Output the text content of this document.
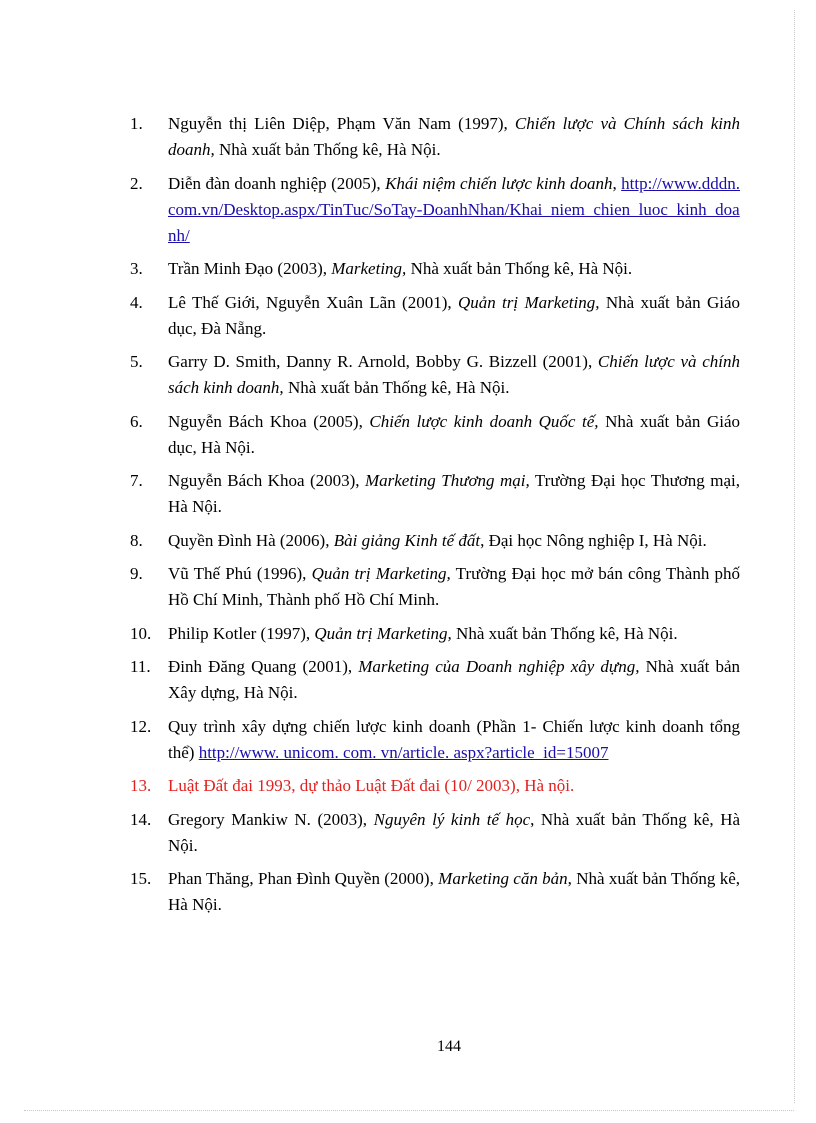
1. Nguyễn thị Liên Diệp, Phạm Văn Nam (1997), Chiến lược và Chính sách kinh doanh, Nhà xuất bản Thống kê, Hà Nội.
2. Diễn đàn doanh nghiệp (2005), Khái niệm chiến lược kinh doanh, http://www.dddn.com.vn/Desktop.aspx/TinTuc/SoTay-DoanhNhan/Khai_niem_chien_luoc_kinh_doanh/
3. Trần Minh Đạo (2003), Marketing, Nhà xuất bản Thống kê, Hà Nội.
4. Lê Thế Giới, Nguyễn Xuân Lãn (2001), Quản trị Marketing, Nhà xuất bản Giáo dục, Đà Nẵng.
5. Garry D. Smith, Danny R. Arnold, Bobby G. Bizzell (2001), Chiến lược và chính sách kinh doanh, Nhà xuất bản Thống kê, Hà Nội.
6. Nguyễn Bách Khoa (2005), Chiến lược kinh doanh Quốc tế, Nhà xuất bản Giáo dục, Hà Nội.
7. Nguyễn Bách Khoa (2003), Marketing Thương mại, Trường Đại học Thương mại, Hà Nội.
8. Quyền Đình Hà (2006), Bài giảng Kinh tế đất, Đại học Nông nghiệp I, Hà Nội.
9. Vũ Thế Phú (1996), Quản trị Marketing, Trường Đại học mở bán công Thành phố Hồ Chí Minh, Thành phố Hồ Chí Minh.
10. Philip Kotler (1997), Quản trị Marketing, Nhà xuất bản Thống kê, Hà Nội.
11. Đinh Đăng Quang (2001), Marketing của Doanh nghiệp xây dựng, Nhà xuất bản Xây dựng, Hà Nội.
12. Quy trình xây dựng chiến lược kinh doanh (Phần 1- Chiến lược kinh doanh tổng thể) http://www. unicom. com. vn/article. aspx?article_id=15007
13. Luật Đất đai 1993, dự thảo Luật Đất đai (10/ 2003), Hà nội.
14. Gregory Mankiw N. (2003), Nguyên lý kinh tế học, Nhà xuất bản Thống kê, Hà Nội.
15. Phan Thăng, Phan Đình Quyền (2000), Marketing căn bản, Nhà xuất bản Thống kê, Hà Nội.
144
